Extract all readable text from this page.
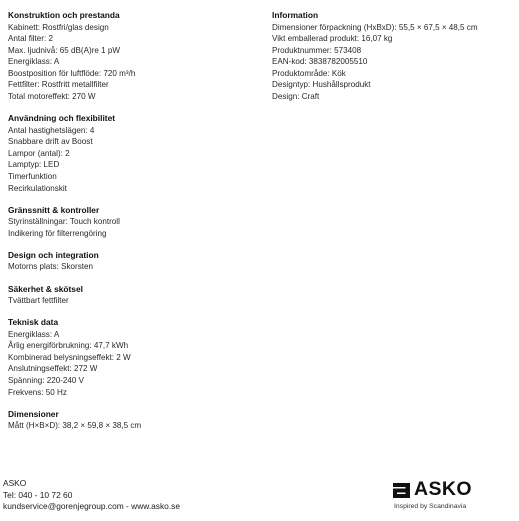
Konstruktion och prestanda
Kabinett: Rostfri/glas design
Antal filter: 2
Max. ljudnivå: 65 dB(A)re 1 pW
Energiklass: A
Boostposition för luftflöde: 720 m³/h
Fettfilter: Rostfritt metallfilter
Total motoreffekt: 270 W
Användning och flexibilitet
Antal hastighetslägen: 4
Snabbare drift av Boost
Lampor (antal): 2
Lamptyp: LED
Timerfunktion
Recirkulationskit
Gränssnitt & kontroller
Styrinställningar: Touch kontroll
Indikering för filterrengöring
Design och integration
Motorns plats: Skorsten
Säkerhet & skötsel
Tvättbart fettfilter
Teknisk data
Energiklass: A
Årlig energiförbrukning: 47,7 kWh
Kombinerad belysningseffekt: 2 W
Anslutningseffekt: 272 W
Spänning: 220-240 V
Frekvens: 50 Hz
Dimensioner
Mått (H×B×D): 38,2 × 59,8 × 38,5 cm
Information
Dimensioner förpackning (HxBxD): 55,5 × 67,5 × 48,5 cm
Vikt emballerad produkt: 16,07 kg
Produktnummer: 573408
EAN-kod: 3838782005510
Produktområde: Kök
Designtyp: Hushållsprodukt
Design: Craft
ASKO
Tel: 040 - 10 72 60
kundservice@gorenjegroup.com - www.asko.se
ASKO
Inspired by Scandinavia
